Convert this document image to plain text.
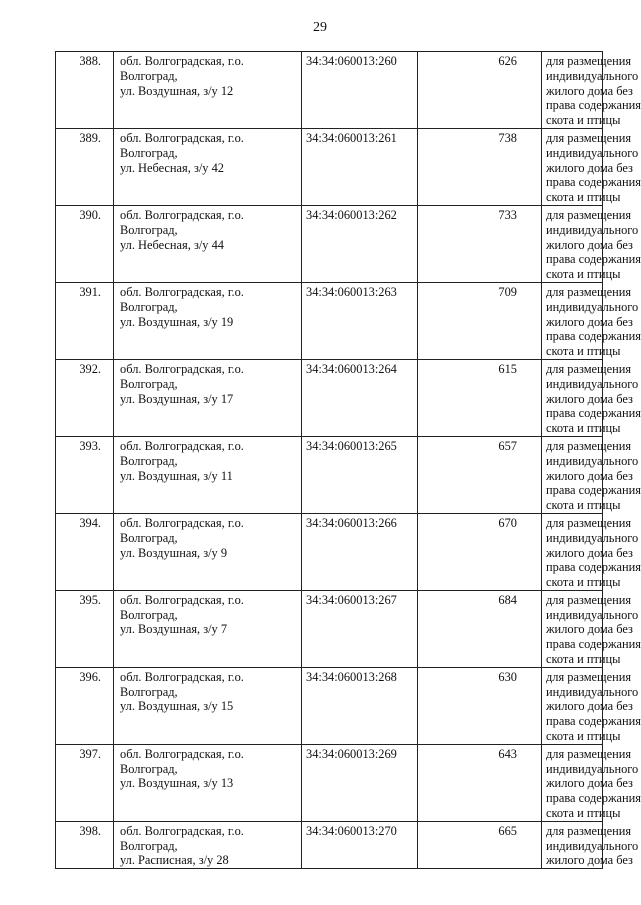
29
388.	обл. Волгоградская, г.о.
Волгоград,
ул. Воздушная, з/у 12	34:34:060013:260	626	для размещения
индивидуального
жилого дома без
права содержания
скота и птицы

389.	обл. Волгоградская, г.о.
Волгоград,
ул. Небесная, з/у 42	34:34:060013:261	738	для размещения
индивидуального
жилого дома без
права содержания
скота и птицы

390.	обл. Волгоградская, г.о.
Волгоград,
ул. Небесная, з/у 44	34:34:060013:262	733	для размещения
индивидуального
жилого дома без
права содержания
скота и птицы

391.	обл. Волгоградская, г.о.
Волгоград,
ул. Воздушная, з/у 19	34:34:060013:263	709	для размещения
индивидуального
жилого дома без
права содержания
скота и птицы

392.	обл. Волгоградская, г.о.
Волгоград,
ул. Воздушная, з/у 17	34:34:060013:264	615	для размещения
индивидуального
жилого дома без
права содержания
скота и птицы

393.	обл. Волгоградская, г.о.
Волгоград,
ул. Воздушная, з/у 11	34:34:060013:265	657	для размещения
индивидуального
жилого дома без
права содержания
скота и птицы

394.	обл. Волгоградская, г.о.
Волгоград,
ул. Воздушная, з/у 9	34:34:060013:266	670	для размещения
индивидуального
жилого дома без
права содержания
скота и птицы

395.	обл. Волгоградская, г.о.
Волгоград,
ул. Воздушная, з/у 7	34:34:060013:267	684	для размещения
индивидуального
жилого дома без
права содержания
скота и птицы

396.	обл. Волгоградская, г.о.
Волгоград,
ул. Воздушная, з/у 15	34:34:060013:268	630	для размещения
индивидуального
жилого дома без
права содержания
скота и птицы

397.	обл. Волгоградская, г.о.
Волгоград,
ул. Воздушная, з/у 13	34:34:060013:269	643	для размещения
индивидуального
жилого дома без
права содержания
скота и птицы

398.	обл. Волгоградская, г.о.
Волгоград,
ул. Расписная, з/у 28	34:34:060013:270	665	для размещения
индивидуального
жилого дома без
